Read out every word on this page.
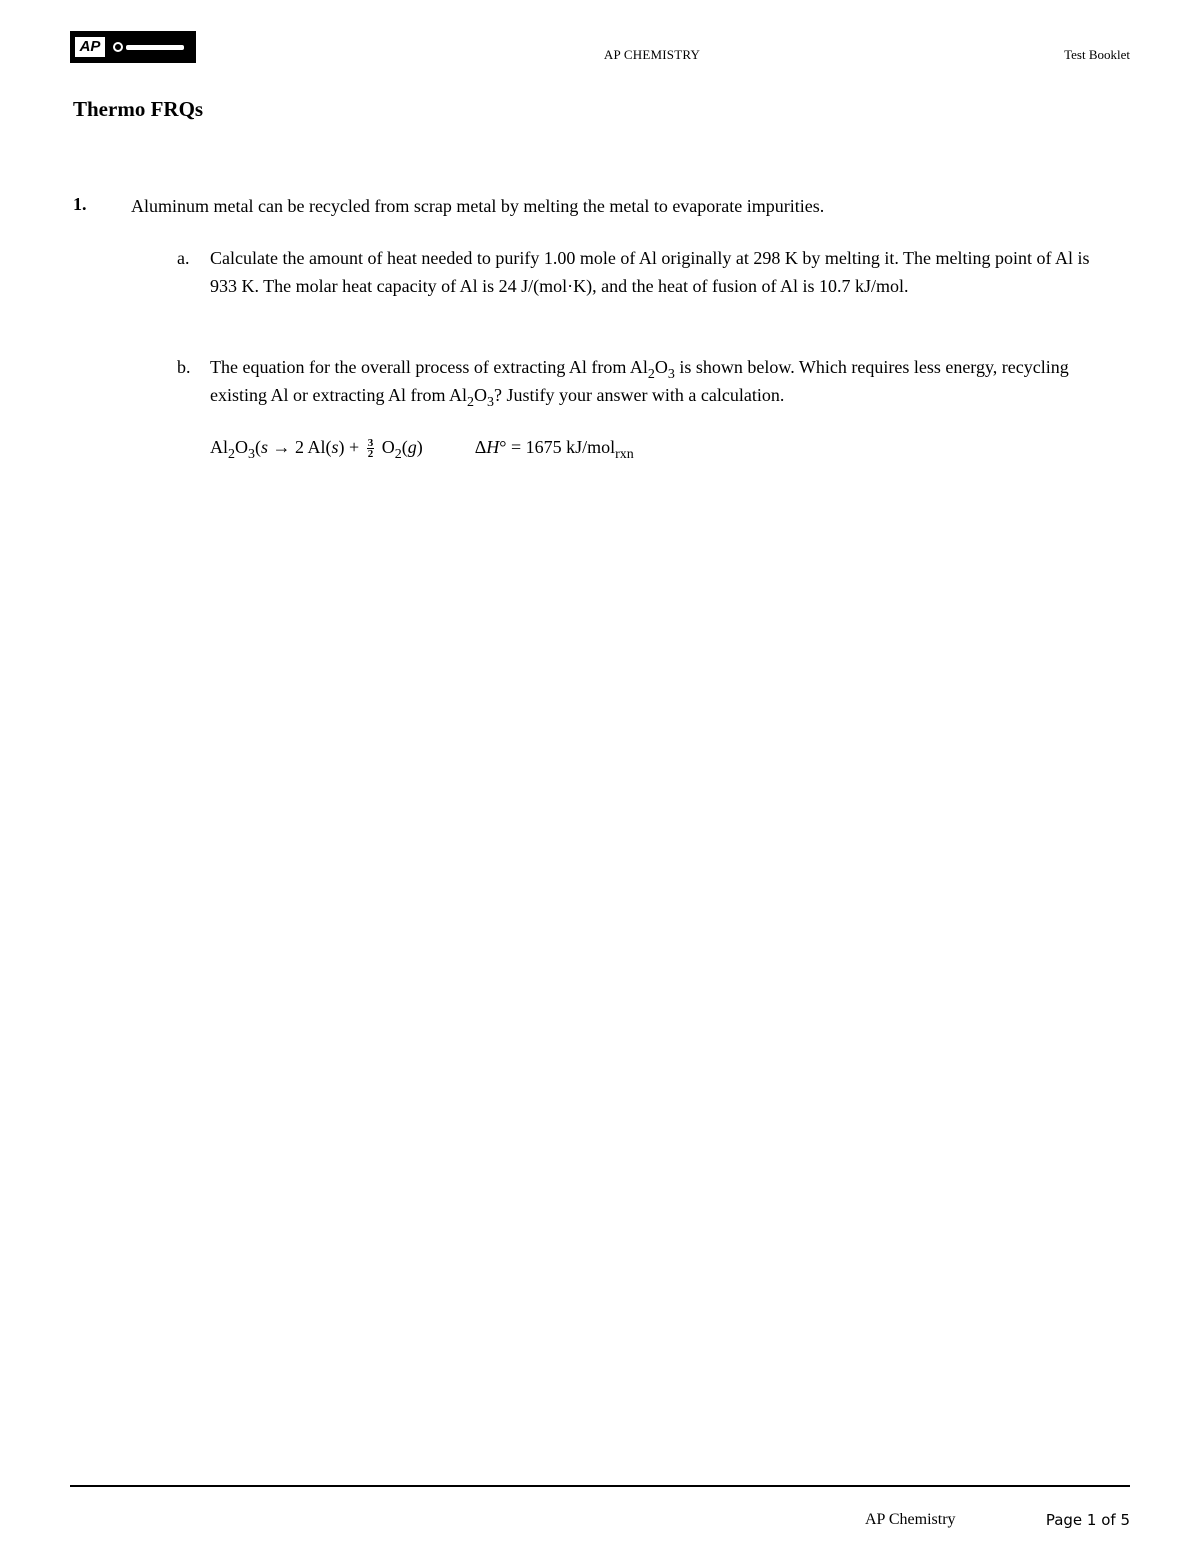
AP	AP CHEMISTRY	Test Booklet
Thermo FRQs
1. Aluminum metal can be recycled from scrap metal by melting the metal to evaporate impurities.
a. Calculate the amount of heat needed to purify 1.00 mole of Al originally at 298 K by melting it. The melting point of Al is 933 K. The molar heat capacity of Al is 24 J/(mol·K), and the heat of fusion of Al is 10.7 kJ/mol.
b. The equation for the overall process of extracting Al from $Al_2O_3$ is shown below. Which requires less energy, recycling existing Al or extracting Al from $Al_2O_3$? Justify your answer with a calculation.
$Al_2O_3(s \to 2$ $Al(s) + \frac{3}{2} O_2(g)$	ΔH° = 1675 kJ/mol$_{rxn}$
AP Chemistry	Page 1 of 5
